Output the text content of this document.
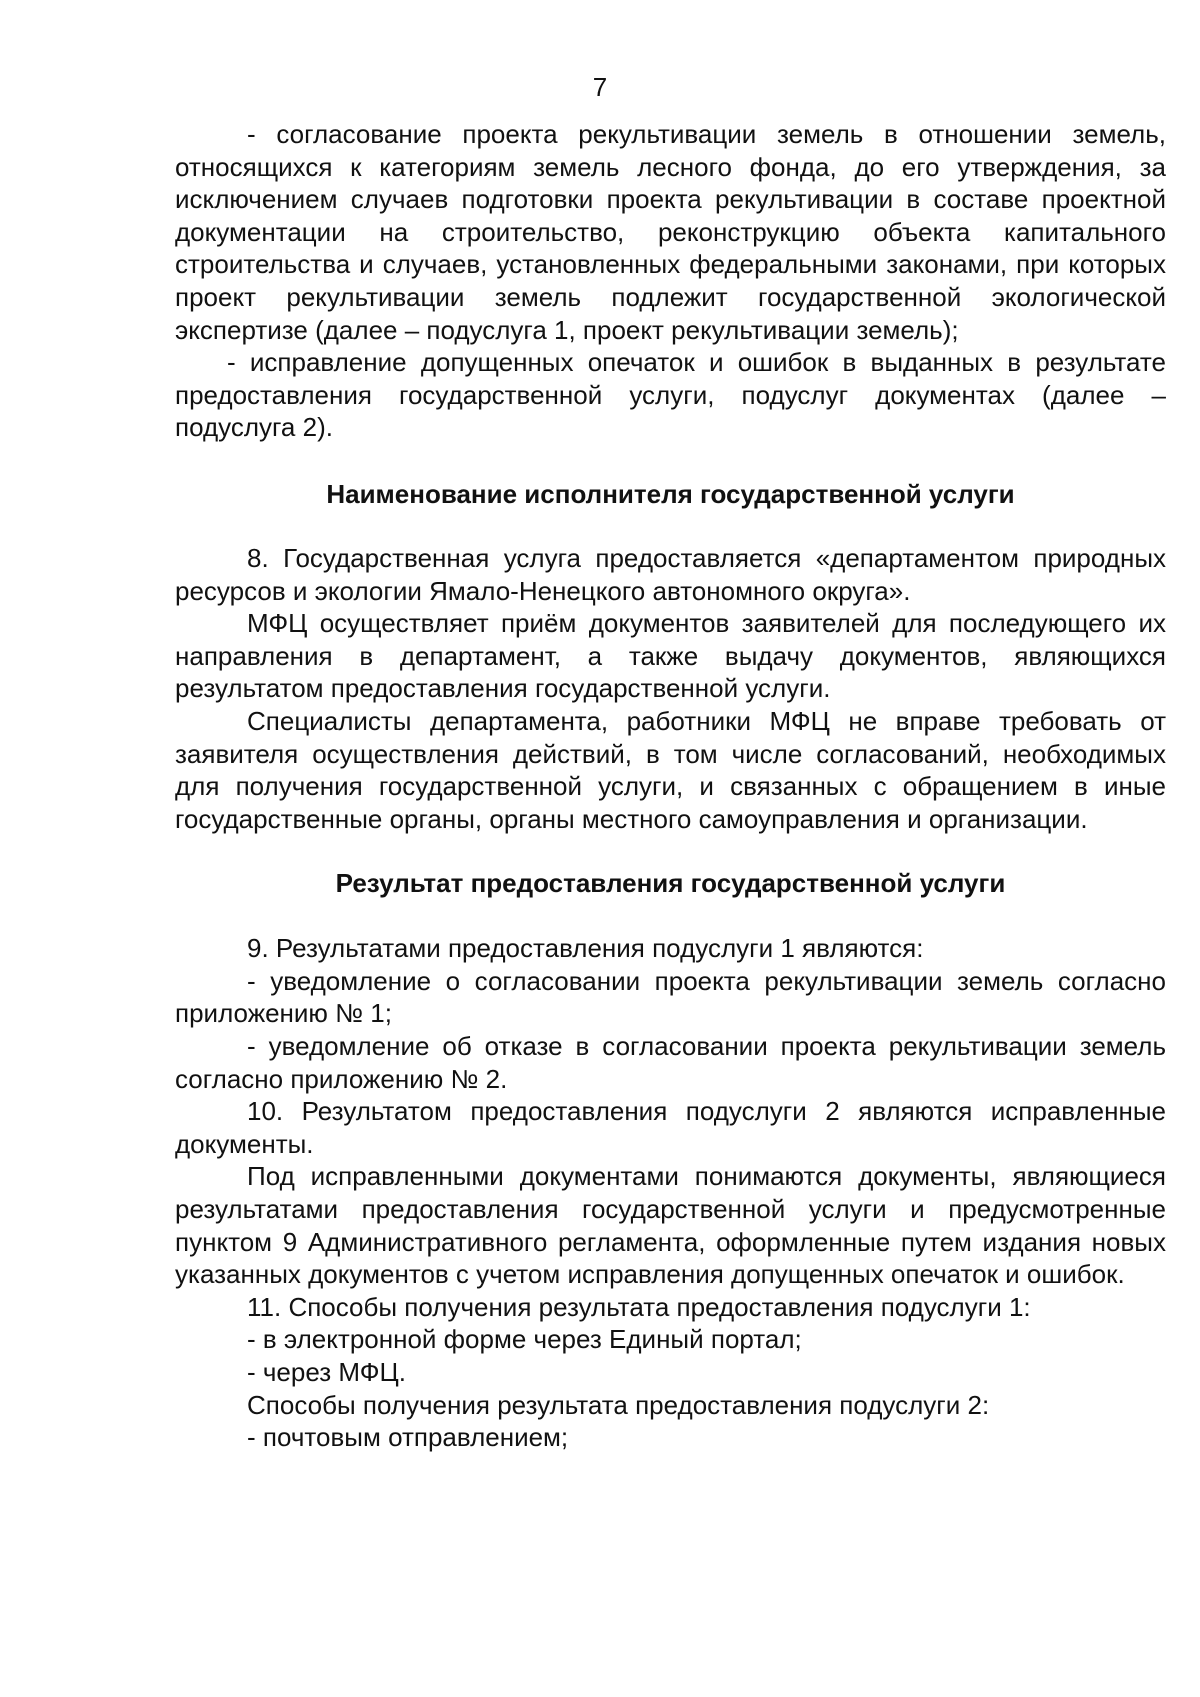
7

- согласование проекта рекультивации земель в отношении земель, относящихся к категориям земель лесного фонда, до его утверждения, за исключением случаев подготовки проекта рекультивации в составе проектной документации на строительство, реконструкцию объекта капитального строительства и случаев, установленных федеральными законами, при которых проект рекультивации земель подлежит государственной экологической экспертизе (далее – подуслуга 1, проект рекультивации земель);

- исправление допущенных опечаток и ошибок в выданных в результате предоставления государственной услуги, подуслуг документах (далее – подуслуга 2).

Наименование исполнителя государственной услуги

8. Государственная услуга предоставляется «департаментом природных ресурсов и экологии Ямало-Ненецкого автономного округа».

МФЦ осуществляет приём документов заявителей для последующего их направления в департамент, а также выдачу документов, являющихся результатом предоставления государственной услуги.

Специалисты департамента, работники МФЦ не вправе требовать от заявителя осуществления действий, в том числе согласований, необходимых для получения государственной услуги, и связанных с обращением в иные государственные органы, органы местного самоуправления и организации.

Результат предоставления государственной услуги

9. Результатами предоставления подуслуги 1 являются:

- уведомление о согласовании проекта рекультивации земель согласно приложению № 1;

- уведомление об отказе в согласовании проекта рекультивации земель согласно приложению № 2.

10. Результатом предоставления подуслуги 2 являются исправленные документы.

Под исправленными документами понимаются документы, являющиеся результатами предоставления государственной услуги и предусмотренные пунктом 9 Административного регламента, оформленные путем издания новых указанных документов с учетом исправления допущенных опечаток и ошибок.

11. Способы получения результата предоставления подуслуги 1:

- в электронной форме через Единый портал;

- через МФЦ.

Способы получения результата предоставления подуслуги 2:

- почтовым отправлением;
